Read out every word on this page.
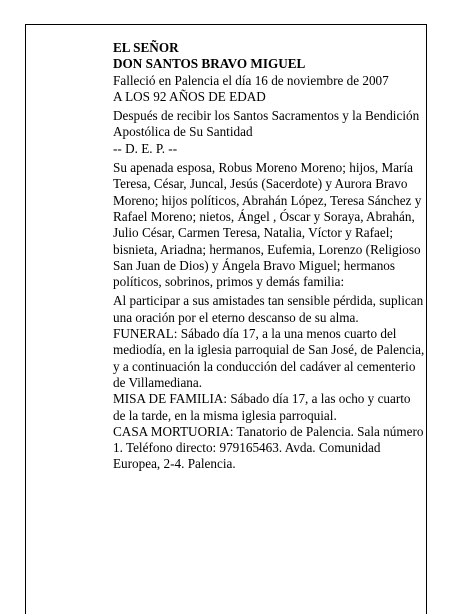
EL SEÑOR

DON SANTOS BRAVO MIGUEL

Falleció en Palencia el día 16 de noviembre de 2007

A LOS 92 AÑOS DE EDAD

Después de recibir los Santos Sacramentos y la Bendición Apostólica de Su Santidad

-- D. E. P. --

Su apenada esposa, Robus Moreno Moreno; hijos, María Teresa, César, Juncal, Jesús (Sacerdote) y Aurora Bravo Moreno; hijos políticos, Abrahán López, Teresa Sánchez y Rafael Moreno; nietos, Ángel , Óscar y Soraya, Abrahán, Julio César, Carmen Teresa, Natalia, Víctor y Rafael; bisnieta, Ariadna; hermanos, Eufemia, Lorenzo (Religioso San Juan de Dios) y Ángela Bravo Miguel; hermanos políticos, sobrinos, primos y demás familia:

Al participar a sus amistades tan sensible pérdida, suplican una oración por el eterno descanso de su alma.

FUNERAL: Sábado día 17, a la una menos cuarto del mediodía, en la iglesia parroquial de San José, de Palencia, y a continuación la conducción del cadáver al cementerio de Villamediana.

MISA DE FAMILIA: Sábado día 17, a las ocho y cuarto de la tarde, en la misma iglesia parroquial.

CASA MORTUORIA: Tanatorio de Palencia. Sala número 1. Teléfono directo: 979165463. Avda. Comunidad Europea, 2-4. Palencia.
